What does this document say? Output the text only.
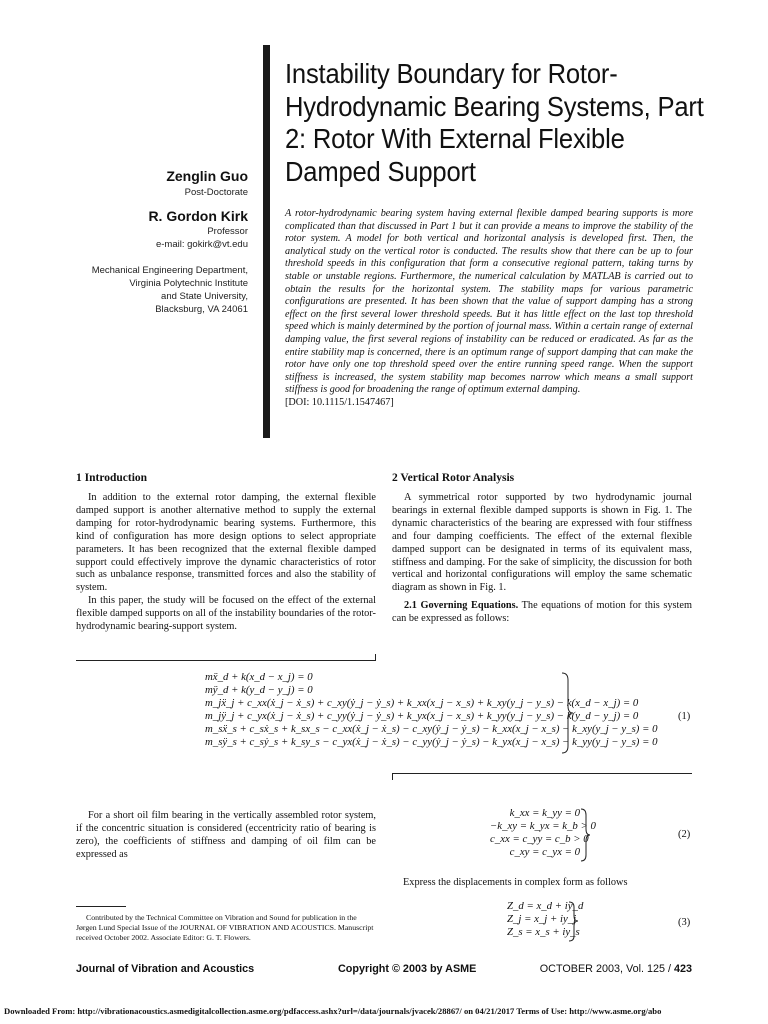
Instability Boundary for Rotor-Hydrodynamic Bearing Systems, Part 2: Rotor With External Flexible Damped Support
Zenglin Guo
Post-Doctorate
R. Gordon Kirk
Professor
e-mail: gokirk@vt.edu
Mechanical Engineering Department,
Virginia Polytechnic Institute
and State University,
Blacksburg, VA 24061
A rotor-hydrodynamic bearing system having external flexible damped bearing supports is more complicated than that discussed in Part 1 but it can provide a means to improve the stability of the rotor system. A model for both vertical and horizontal analysis is developed first. Then, the analytical study on the vertical rotor is conducted. The results show that there can be up to four threshold speeds in this configuration that form a consecutive regional pattern, taking turns by stable or unstable regions. Furthermore, the numerical calculation by MATLAB is carried out to obtain the results for the horizontal system. The stability maps for various parametric configurations are presented. It has been shown that the value of support damping has a strong effect on the first several lower threshold speeds. But it has little effect on the last top threshold speed which is mainly determined by the portion of journal mass. Within a certain range of external damping value, the first several regions of instability can be reduced or eradicated. As far as the entire stability map is concerned, there is an optimum range of support damping that can make the rotor have only one top threshold speed over the entire running speed range. When the support stiffness is increased, the system stability map becomes narrow which means a small support stiffness is good for broadening the range of optimum external damping.
[DOI: 10.1115/1.1547467]
1 Introduction

In addition to the external rotor damping, the external flexible damped support is another alternative method to supply the external damping for rotor-hydrodynamic bearing systems. Furthermore, this kind of configuration has more design options to select appropriate parameters. It has been recognized that the external flexible damped support could effectively improve the dynamic characteristics of rotor such as unbalance response, transmitted forces and also the stability of system.

In this paper, the study will be focused on the effect of the external flexible damped supports on all of the instability boundaries of the rotor-hydrodynamic bearing-support system.

2 Vertical Rotor Analysis

A symmetrical rotor supported by two hydrodynamic journal bearings in external flexible damped supports is shown in Fig. 1. The dynamic characteristics of the bearing are expressed with four stiffness and four damping coefficients. The effect of the external flexible damped support can be designated in terms of its equivalent mass, stiffness and damping. For the sake of simplicity, the discussion for both vertical and horizontal configurations will employ the same schematic diagram as shown in Fig. 1.

2.1 Governing Equations. The equations of motion for this system can be expressed as follows:

mẍ_d + k(x_d − x_j) = 0
mÿ_d + k(y_d − y_j) = 0
m_jẍ_j + c_xx(ẋ_j − ẋ_s) + c_xy(ẏ_j − ẏ_s) + k_xx(x_j − x_s) + k_xy(y_j − y_s) − k(x_d − x_j) = 0
m_jÿ_j + c_yx(ẋ_j − ẋ_s) + c_yy(ẏ_j − ẏ_s) + k_yx(x_j − x_s) + k_yy(y_j − y_s) − k(y_d − y_j) = 0
m_sẍ_s + c_sẋ_s + k_sx_s − c_xx(ẋ_j − ẋ_s) − c_xy(ẏ_j − ẏ_s) − k_xx(x_j − x_s) − k_xy(y_j − y_s) = 0
m_sÿ_s + c_sẏ_s + k_sy_s − c_yx(ẋ_j − ẋ_s) − c_yy(ẏ_j − ẏ_s) − k_yx(x_j − x_s) − k_yy(y_j − y_s) = 0
(1)

For a short oil film bearing in the vertically assembled rotor system, if the concentric situation is considered (eccentricity ratio of bearing is zero), the coefficients of stiffness and damping of oil film can be expressed as

k_xx = k_yy = 0
−k_xy = k_yx = k_b > 0
c_xx = c_yy = c_b > 0
c_xy = c_yx = 0
(2)
Express the displacements in complex form as follows
Z_d = x_d + iy_d
Z_j = x_j + iy_j
Z_s = x_s + iy_s
(3)
Contributed by the Technical Committee on Vibration and Sound for publication in the Jørgen Lund Special Issue of the JOURNAL OF VIBRATION AND ACOUSTICS. Manuscript received October 2002. Associate Editor: G. T. Flowers.
Journal of Vibration and Acoustics	Copyright © 2003 by ASME	OCTOBER 2003, Vol. 125 / 423
Downloaded From: http://vibrationacoustics.asmedigitalcollection.asme.org/pdfaccess.ashx?url=/data/journals/jvacek/28867/ on 04/21/2017 Terms of Use: http://www.asme.org/abo
